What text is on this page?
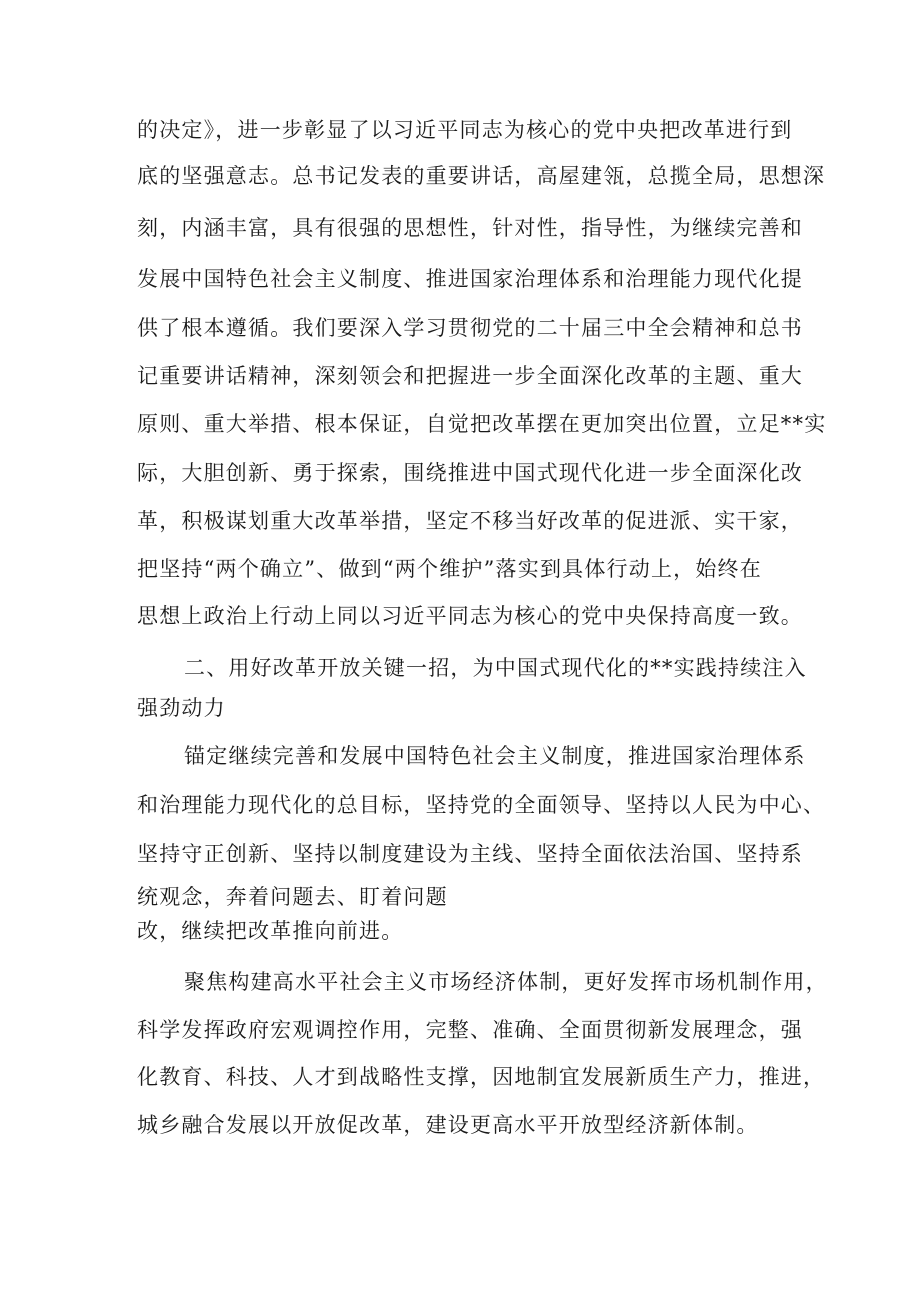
的决定》，进一步彰显了以习近平同志为核心的党中央把改革进行到
底的坚强意志。总书记发表的重要讲话，高屋建瓴，总揽全局，思想深
刻，内涵丰富，具有很强的思想性，针对性，指导性，为继续完善和
发展中国特色社会主义制度、推进国家治理体系和治理能力现代化提
供了根本遵循。我们要深入学习贯彻党的二十届三中全会精神和总书
记重要讲话精神，深刻领会和把握进一步全面深化改革的主题、重大
原则、重大举措、根本保证，自觉把改革摆在更加突出位置，立足**实
际，大胆创新、勇于探索，围绕推进中国式现代化进一步全面深化改
革，积极谋划重大改革举措，坚定不移当好改革的促进派、实干家，
把坚持“两个确立”、做到“两个维护”落实到具体行动上，始终在
思想上政治上行动上同以习近平同志为核心的党中央保持高度一致。
二、用好改革开放关键一招，为中国式现代化的**实践持续注入
强劲动力
锚定继续完善和发展中国特色社会主义制度，推进国家治理体系
和治理能力现代化的总目标，坚持党的全面领导、坚持以人民为中心、
坚持守正创新、坚持以制度建设为主线、坚持全面依法治国、坚持系
统观念，奔着问题去、盯着问题
改，继续把改革推向前进。
聚焦构建高水平社会主义市场经济体制，更好发挥市场机制作用，
科学发挥政府宏观调控作用，完整、准确、全面贯彻新发展理念，强
化教育、科技、人才到战略性支撑，因地制宜发展新质生产力，推进，
城乡融合发展以开放促改革，建设更高水平开放型经济新体制。
